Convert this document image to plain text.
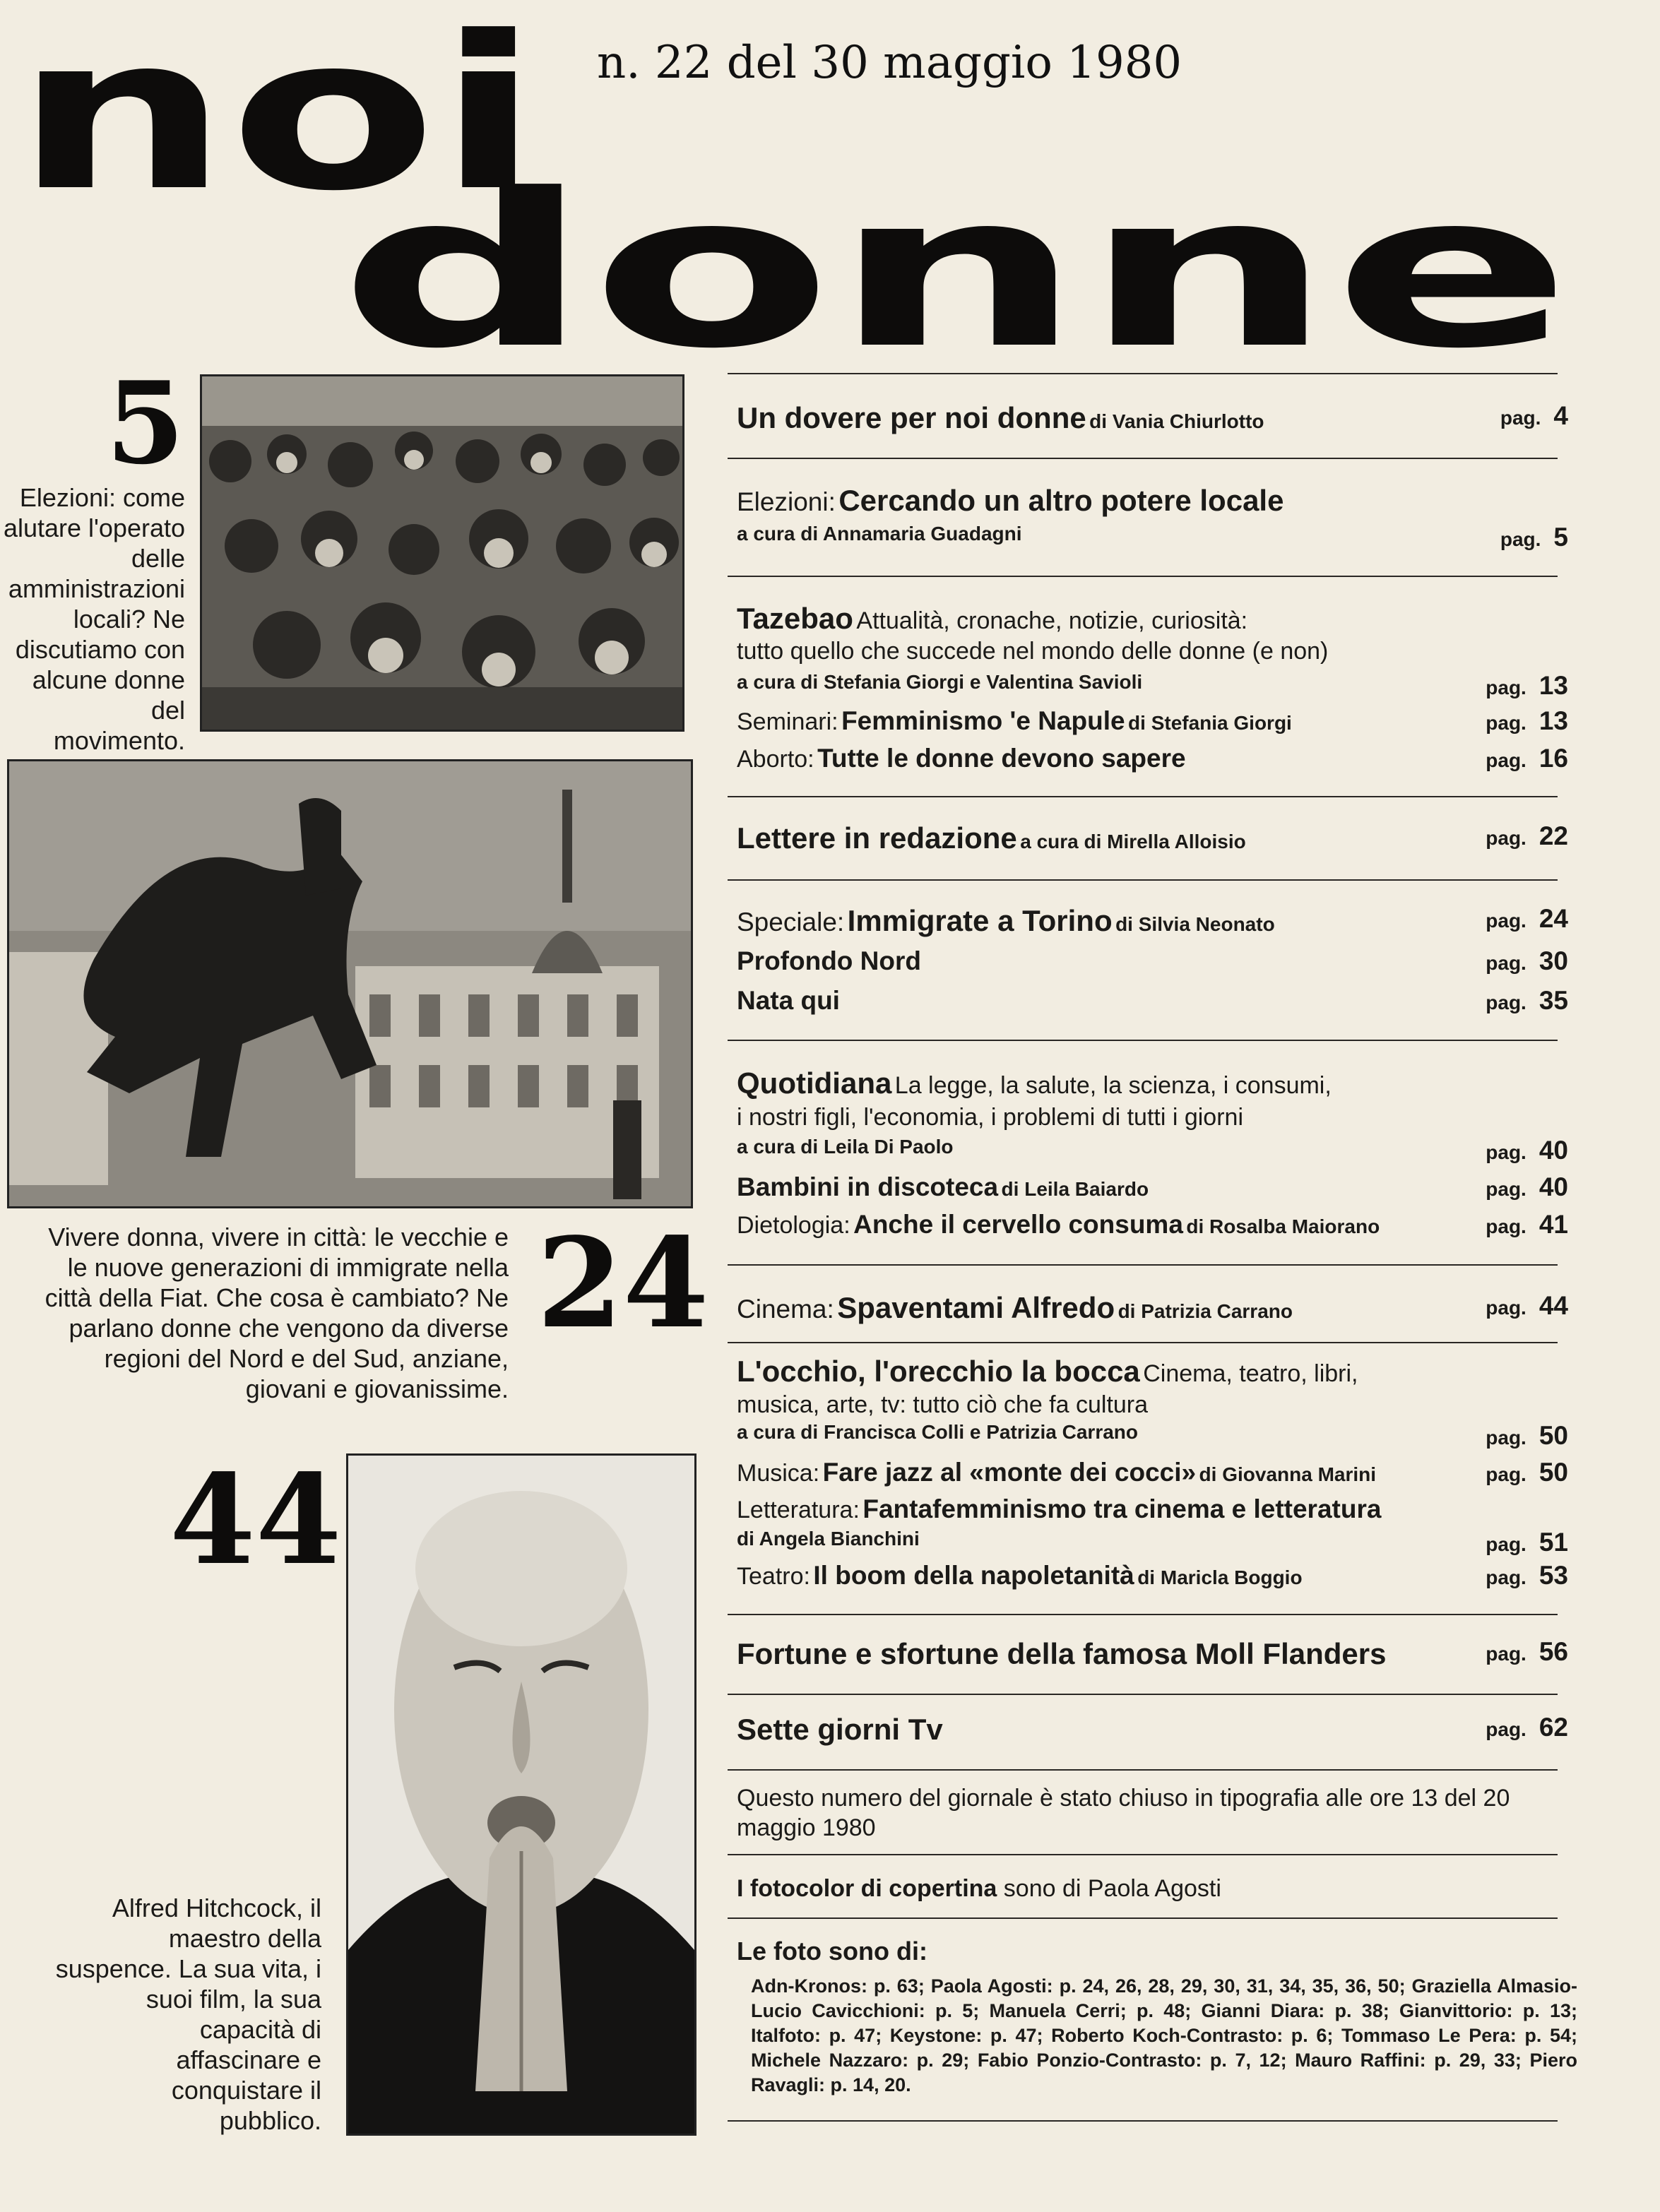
noi
donne
n. 22 del 30 maggio 1980
5
Elezioni: come
alutare l'operato
delle
amministrazioni
locali? Ne
discutiamo con
alcune donne del
movimento.
24
Vivere donna, vivere in città: le vecchie e
le nuove generazioni di immigrate nella
città della Fiat. Che cosa è cambiato? Ne
parlano donne che vengono da diverse
regioni del Nord e del Sud, anziane,
giovani e giovanissime.
44
Alfred Hitchcock, il
maestro della
suspence. La sua vita, i
suoi film, la sua
capacità di
affascinare e
conquistare il
pubblico.
Un dovere per noi donne di Vania Chiurlotto	pag. 4
Elezioni: Cercando un altro potere locale
a cura di Annamaria Guadagni	pag. 5
Tazebao Attualità, cronache, notizie, curiosità:
tutto quello che succede nel mondo delle donne (e non)
a cura di Stefania Giorgi e Valentina Savioli	pag. 13
Seminari: Femminismo 'e Napule di Stefania Giorgi	pag. 13
Aborto: Tutte le donne devono sapere	pag. 16
Lettere in redazione a cura di Mirella Alloisio	pag. 22
Speciale: Immigrate a Torino di Silvia Neonato	pag. 24
Profondo Nord	pag. 30
Nata qui	pag. 35
Quotidiana La legge, la salute, la scienza, i consumi,
i nostri figli, l'economia, i problemi di tutti i giorni
a cura di Leila Di Paolo	pag. 40
Bambini in discoteca di Leila Baiardo	pag. 40
Dietologia: Anche il cervello consuma di Rosalba Maiorano	pag. 41
Cinema: Spaventami Alfredo di Patrizia Carrano	pag. 44
L'occhio, l'orecchio la bocca Cinema, teatro, libri,
musica, arte, tv: tutto ciò che fa cultura
a cura di Francisca Colli e Patrizia Carrano	pag. 50
Musica: Fare jazz al «monte dei cocci» di Giovanna Marini	pag. 50
Letteratura: Fantafemminismo tra cinema e letteratura
di Angela Bianchini	pag. 51
Teatro: Il boom della napoletanità di Maricla Boggio	pag. 53
Fortune e sfortune della famosa Moll Flanders	pag. 56
Sette giorni Tv	pag. 62
Questo numero del giornale è stato chiuso in tipografia alle ore 13 del 20
maggio 1980
I fotocolor di copertina sono di Paola Agosti
Le foto sono di:
Adn-Kronos: p. 63; Paola Agosti: p. 24, 26, 28, 29, 30, 31, 34, 35, 36, 50; Graziella Almasio-Lucio Cavicchioni: p. 5; Manuela Cerri; p. 48; Gianni Diara: p. 38; Gianvittorio: p. 13; Italfoto: p. 47; Keystone: p. 47; Roberto Koch-Contrasto: p. 6; Tommaso Le Pera: p. 54; Michele Nazzaro: p. 29; Fabio Ponzio-Contrasto: p. 7, 12; Mauro Raffini: p. 29, 33; Piero Ravagli: p. 14, 20.
